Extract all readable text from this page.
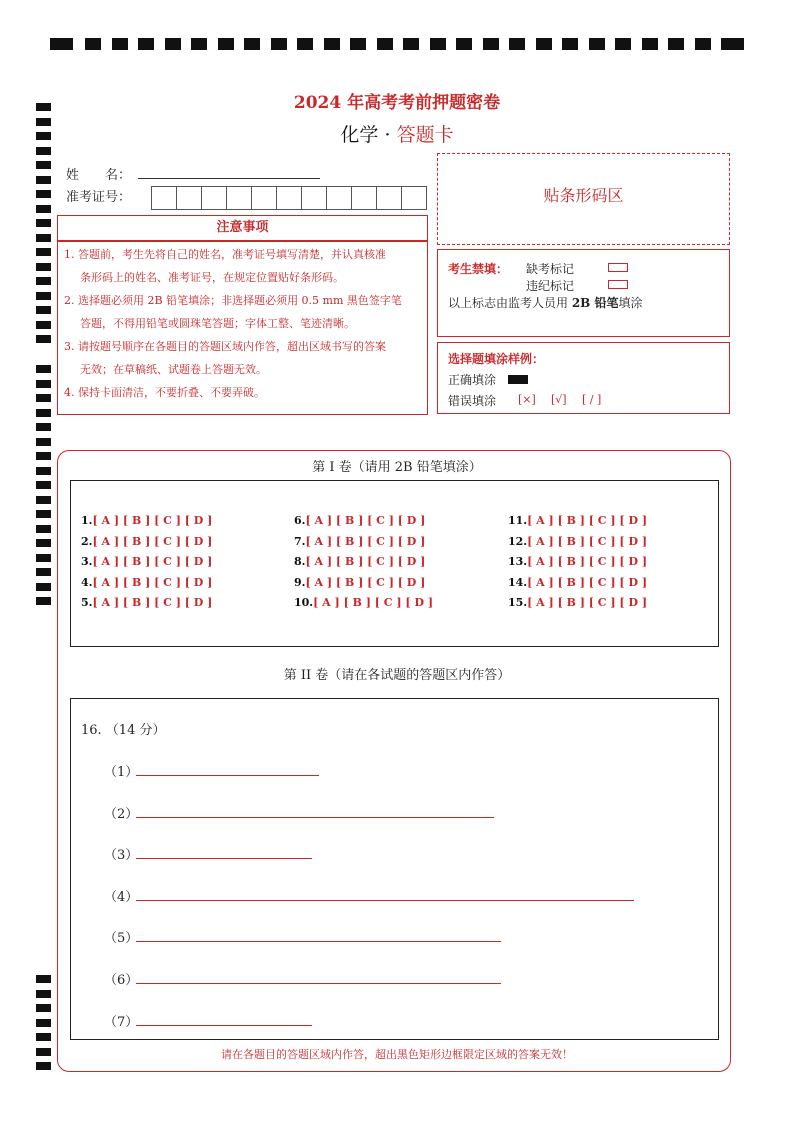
2024 年高考考前押题密卷
化学 · 答题卡
姓　　名：
准考证号：	贴条形码区
注意事项

1. 答题前，考生先将自己的姓名，准考证号填写清楚，并认真核准
条形码上的姓名、准考证号，在规定位置贴好条形码。

2. 选择题必须用 2B 铅笔填涂；非选择题必须用 0.5 mm 黑色签字笔
答题，不得用铅笔或圆珠笔答题；字体工整、笔迹清晰。

3. 请按题号顺序在各题目的答题区域内作答，超出区域书写的答案
无效；在草稿纸、试题卷上答题无效。

4. 保持卡面清洁，不要折叠、不要弄破。

考生禁填： 缺考标记
违纪标记
以上标志由监考人员用 2B 铅笔填涂
选择题填涂样例：
正确填涂
错误填涂 [×] [√] [ / ]
第 I 卷（请用 2B 铅笔填涂）
1.[ A ] [ B ] [ C ] [ D ]
2.[ A ] [ B ] [ C ] [ D ]
3.[ A ] [ B ] [ C ] [ D ]
4.[ A ] [ B ] [ C ] [ D ]
5.[ A ] [ B ] [ C ] [ D ]
6.[ A ] [ B ] [ C ] [ D ]
7.[ A ] [ B ] [ C ] [ D ]
8.[ A ] [ B ] [ C ] [ D ]
9.[ A ] [ B ] [ C ] [ D ]
10.[ A ] [ B ] [ C ] [ D ]
11.[ A ] [ B ] [ C ] [ D ]
12.[ A ] [ B ] [ C ] [ D ]
13.[ A ] [ B ] [ C ] [ D ]
14.[ A ] [ B ] [ C ] [ D ]
15.[ A ] [ B ] [ C ] [ D ]
第 II 卷（请在各试题的答题区内作答）
16. （14 分）
（1）
（2）
（3）
（4）
（5）
（6）
（7）
请在各题目的答题区域内作答，超出黑色矩形边框限定区域的答案无效！
